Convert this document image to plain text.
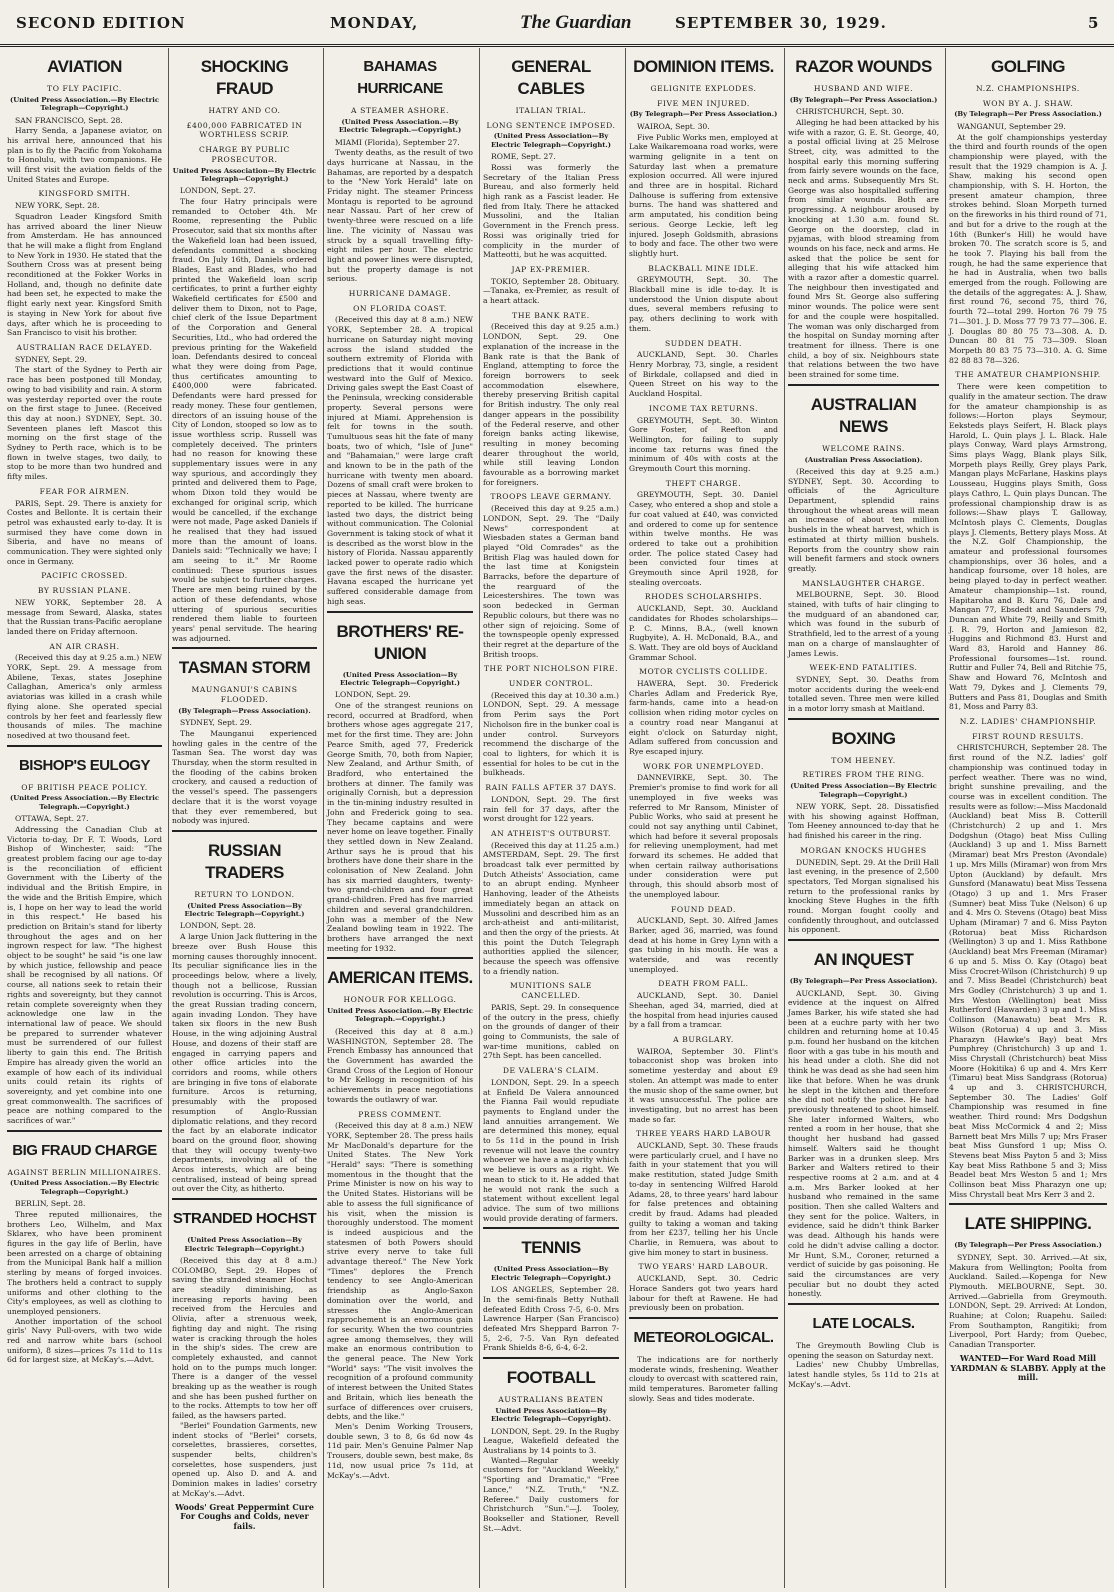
SECOND EDITION	MONDAY,	The Guardian	SEPTEMBER 30, 1929.	5
AVIATION
TO FLY PACIFIC.
(United Press Association.—By Electric Telegraph—Copyright.)
SAN FRANCISCO, Sept. 28.

Harry Senda, a Japanese aviator, on his arrival here, announced that his plan is to fly the Pacific from Yokohama to Honolulu, with two companions. He will first visit the aviation fields of the United States and Europe.

KINGSFORD SMITH.
NEW YORK, Sept. 28.

Squadron Leader Kingsford Smith has arrived aboard the liner Nieuw from Amsterdam. He has announced that he will make a flight from England to New York in 1930. He stated that the Southern Cross was at present being reconditioned at the Fokker Works in Holland, and, though no definite date had been set, he expected to make the flight early next year. Kingsford Smith is staying in New York for about five days, after which he is proceeding to San Francisco to visit his brother.

AUSTRALIAN RACE DELAYED.
SYDNEY, Sept. 29.

The start of the Sydney to Perth air race has been postponed till Monday, owing to bad visibility and rain. A storm was yesterday reported over the route on the first stage to Junee. (Received this day at noon.) SYDNEY, Sept. 30. Seventeen planes left Mascot this morning on the first stage of the Sydney to Perth race, which is to be flown in twelve stages, two daily, to stop to be more than two hundred and fifty miles.

FEAR FOR AIRMEN.

PARIS, Sept. 29. There is anxiety for Costes and Bellonte. It is certain their petrol was exhausted early to-day. It is surmised they have come down in Siberia, and have no means of communication. They were sighted only once in Germany.

PACIFIC CROSSED.
BY RUSSIAN PLANE.

NEW YORK, September 28. A message from Seward, Alaska, states that the Russian trans-Pacific aeroplane landed there on Friday afternoon.

AN AIR CRASH.

(Received this day at 9.25 a.m.) NEW YORK, Sept. 29. A message from Abilene, Texas, states Josephine Callaghan, America's only armless aviatorias was killed in a crash while flying alone. She operated special controls by her feet and fearlessly flew thousands of miles. The machine nosedived at two thousand feet.

BISHOP'S EULOGY
OF BRITISH PEACE POLICY.
(United Press Association.—By Electric Telegraph.—Copyright.)
OTTAWA, Sept. 27.

Addressing the Canadian Club at Victoria to-day, Dr F. T. Woods, Lord Bishop of Winchester, said: "The greatest problem facing our age to-day is the reconciliation of efficient Government with the Liberty of the individual and the British Empire, in the wide and the British Empire, which is, I hope on her way to lead the world in this respect." He based his prediction on Britain's stand for liberty throughout the ages and on her ingrown respect for law. "The highest object to be sought" he said "is one law by which justice, fellowship and peace shall be recognised by all nations. Of course, all nations seek to retain their rights and sovereignty, but they cannot retain complete sovereignty when they acknowledge one law in the international law of peace. We should be prepared to surrender whatever must be surrendered of our fullest liberty to gain this end. The British Empire has already given the world an example of how each of its individual units could retain its rights of sovereignty, and yet combine into one great commonwealth. The sacrifices of peace are nothing compared to the sacrifices of war."

BIG FRAUD CHARGE
AGAINST BERLIN MILLIONAIRES.
(United Press Association.—By Electric Telegraph—Copyright.)
BERLIN, Sept. 28.

Three reputed millionaires, the brothers Leo, Wilhelm, and Max Sklarex, who have been prominent figures in the gay life of Berlin, have been arrested on a charge of obtaining from the Municipal Bank half a million sterling by means of forged invoices. The brothers held a contract to supply uniforms and other clothing to the City's employees, as well as clothing to unemployed pensioners.

Another importation of the school girls' Navy Pull-overs, with two wide red and narrow white bars (school uniform), 8 sizes—prices 7s 11d to 11s 6d for largest size, at McKay's.—Advt.

SHOCKING FRAUD
HATRY AND CO.
£400,000 FABRICATED IN WORTHLESS SCRIP.
CHARGE BY PUBLIC PROSECUTOR.
United Press Association—By Electric Telegraph—Copyright.)
LONDON, Sept. 27.

The four Hatry principals were remanded to October 4th. Mr Roome, representing the Public Prosecutor, said that six months after the Wakefield loan had been issued, defendants committed a shocking fraud. On July 16th, Daniels ordered Blades, East and Blades, who had printed the Wakefield loan scrip certificates, to print a further eighty Wakefield certificates for £500 and deliver them to Dixon, not to Page, chief clerk of the Issue Department of the Corporation and General Securities, Ltd., who had ordered the previous printing for the Wakefield loan. Defendants desired to conceal what they were doing from Page, thus certificates amounting to £400,000 were fabricated. Defendants were hard pressed for ready money. These four gentlemen, directors of an issuing house of the City of London, stooped so low as to issue worthless scrip. Russell was completely deceived. The printers had no reason for knowing these supplementary issues were in any way spurious, and accordingly they printed and delivered them to Page, whom Dixon told they would be exchanged for original scrip, which would be cancelled, if the exchange were not made, Page asked Daniels if he realised that they had issued more than the amount of loans. Daniels said: "Technically we have; I am seeing to it." Mr Roome continued: These spurious issues would be subject to further charges. There are men being ruined by the action of these defendants, whose uttering of spurious securities rendered them liable to fourteen years' penal servitude. The hearing was adjourned.

TASMAN STORM
MAUNGANUI'S CABINS FLOODED.
(By Telegraph—Press Association).
SYDNEY, Sept. 29.

The Maunganui experienced howling gales in the centre of the Tasman Sea. The worst day was Thursday, when the storm resulted in the flooding of the cabins broken crockery, and caused a reduction of the vessel's speed. The passengers declare that it is the worst voyage that they ever remembered, but nobody was injured.

RUSSIAN TRADERS
RETURN TO LONDON.
(United Press Association—By Electric Telegraph—Copyright.)
LONDON, Sept. 28.

A large Union Jack fluttering in the breeze over Bush House this morning causes thoroughly innocent. Its peculiar significance lies in the proceedings below, where a lively, though not a bellicose, Russian revolution is occurring. This is Arcos, the great Russian trading concern, again invading London. They have taken six floors in the new Bush House, in the wing adjoining Austral House, and dozens of their staff are engaged in carrying papers and other office articles into the corridors and rooms, while others are bringing in five tons of elaborate furniture. Arcos is returning, presumably with the proposed resumption of Anglo-Russian diplomatic relations, and they record the fact by an elaborate indicator board on the ground floor, showing that they will occupy twenty-two departments, involving all of the Arcos interests, which are being centralised, instead of being spread out over the City, as hitherto.

STRANDED HOCHST
(United Press Association—By Electric Telegraph—Copyright.)

(Received this day at 8 a.m.) COLOMBO, Sept. 29. Hopes of saving the stranded steamer Hochst are steadily diminishing, as increasing reports having been received from the Hercules and Olivia, after a strenuous week, fighting day and night. The rising water is cracking through the holes in the ship's sides. The crew are completely exhausted, and cannot hold on to the pumps much longer. There is a danger of the vessel breaking up as the weather is rough and she has been pushed further on to the rocks. Attempts to tow her off failed, as the hawsers parted.

"Berlei" Foundation Garments, new indent stocks of "Berlei" corsets, corselettes, brassieres, corsettes, suspender belts, children's corselettes, hose suspenders, just opened up. Also D. and A. and Dominion makes in ladies' corsetry at McKay's.—Advt.

Woods' Great Peppermint Cure For Coughs and Colds, never fails.
BAHAMAS HURRICANE
A STEAMER ASHORE.
(United Press Association.—By Electric Telegraph.—Copyright.)
MIAMI (Florida), September 27.

Twenty deaths, as the result of two days hurricane at Nassau, in the Bahamas, are reported by a despatch to the "New York Herald" late on Friday night. The steamer Princess Montagu is reported to be aground near Nassau. Part of her crew of twenty-three were rescued on a life line. The vicinity of Nassau was struck by a squall travelling fifty-eight miles per hour. The electric light and power lines were disrupted, but the property damage is not serious.

HURRICANE DAMAGE.
ON FLORIDA COAST.

(Received this day at 8 a.m.) NEW YORK, September 28. A tropical hurricane on Saturday night moving across the island studded the southern extremity of Florida with predictions that it would continue westward into the Gulf of Mexico. Driving gales swept the East Coast of the Peninsula, wrecking considerable property. Several persons were injured at Miami. Apprehension is felt for towns in the south. Tumultuous seas hit the fate of many boats, two of which, "Isle of June" and "Bahamaian," were large craft and known to be in the path of the hurricane with twenty men aboard. Dozens of small craft were broken to pieces at Nassau, where twenty are reported to be killed. The hurricane lasted two days, the district being without communication. The Colonial Government is taking stock of what it is described as the worst blow in the history of Florida. Nassau apparently lacked power to operate radio which gave the first news of the disaster. Havana escaped the hurricane yet suffered considerable damage from high seas.

BROTHERS' RE-UNION
(United Press Association—By Electric Telegraph—Copyright.)
LONDON, Sept. 29.

One of the strangest reunions on record, occurred at Bradford, when brothers whose ages aggregate 217, met for the first time. They are: John Pearce Smith, aged 77, Frederick George Smith, 70, both from Napier, New Zealand, and Arthur Smith, of Bradford, who entertained the brothers at dinner. The family was originally Cornish, but a depression in the tin-mining industry resulted in John and Frederick going to sea. They became captains and were never home on leave together. Finally they settled down in New Zealand. Arthur says he is proud that his brothers have done their share in the colonisation of New Zealand. John has six married daughters, twenty-two grand-children and four great grand-children. Fred has five married children and several grandchildren. John was a member of the New Zealand bowling team in 1922. The brothers have arranged the next meeting for 1932.

AMERICAN ITEMS.
HONOUR FOR KELLOGG.
United Press Association.—By Electric Telegraph.—Copyright.)

(Received this day at 8 a.m.) WASHINGTON, September 28. The French Embassy has announced that the Government has awarded the Grand Cross of the Legion of Honour to Mr Kellogg in recognition of his achievements in peace negotiations towards the outlawry of war.

PRESS COMMENT.

(Received this day at 8 a.m.) NEW YORK, September 28. The press hails Mr MacDonald's departure for the United States. The New York "Herald" says: "There is something momentous in the thought that the Prime Minister is now on his way to the United States. Historians will be able to assess the full significance of his visit, when the mission is thoroughly understood. The moment is indeed auspicious and the statesmen of both Powers should strive every nerve to take full advantage thereof." The New York "Times" deplores the French tendency to see Anglo-American friendship as Anglo-Saxon domination over the world, and stresses the Anglo-American rapprochement is an enormous gain for security. When the two countries agree among themselves, they will make an enormous contribution to the general peace. The New York "World" says: "The visit involves the recognition of a profound community of interest between the United States and Britain, which lies beneath the surface of differences over cruisers, debts, and the like."

Men's Denim Working Trousers, double sewn, 3 to 8, 6s 6d now 4s 11d pair. Men's Genuine Palmer Nap Trousers, double sewn, best make, 8s 11d, now usual price 7s 11d, at McKay's.—Advt.

GENERAL CABLES
ITALIAN TRIAL.
LONG SENTENCE IMPOSED.
(United Press Association—By Electric Telegraph—Copyright.)
ROME, Sept. 27.

Rossi was formerly the Secretary of the Italian Press Bureau, and also formerly held high rank as a Fascist leader. He fled from Italy. There he attacked Mussolini, and the Italian Government in the French press. Rossi was originally tried for complicity in the murder of Matteotti, but he was acquitted.

JAP EX-PREMIER.

TOKIO, September 28. Obituary.—Tanaka, ex-Premier, as result of a heart attack.

THE BANK RATE.

(Received this day at 9.25 a.m.) LONDON, Sept. 29. One explanation of the increase in the Bank rate is that the Bank of England, attempting to force the foreign borrowers to seek accommodation elsewhere, thereby preserving British capital for British industry. The only real danger appears in the possibility of the Federal reserve, and other foreign banks acting likewise, resulting in money becoming dearer throughout the world, while still leaving London favourable as a borrowing market for foreigners.

TROOPS LEAVE GERMANY.

(Received this day at 9.25 a.m.) LONDON, Sept. 29. The "Daily News" correspondent at Wiesbaden states a German band played "Old Comrades" as the British Flag was hauled down for the last time at Konigstein Barracks, before the departure of the rearguard of the Leicestershires. The town was soon bedecked in German Republic colours, but there was no other sign of rejoicing. Some of the townspeople openly expressed their regret at the departure of the British troops.

THE PORT NICHOLSON FIRE.
UNDER CONTROL.

(Received this day at 10.30 a.m.) LONDON, Sept. 29. A message from Perim says the Port Nicholson fire in the bunker coal is under control. Surveyors recommend the discharge of the coal to lighters, for which it is essential for holes to be cut in the bulkheads.

RAIN FALLS AFTER 37 DAYS.

LONDON, Sept. 29. The first rain fell for 37 days, after the worst drought for 122 years.

AN ATHEIST'S OUTBURST.

(Received this day at 11.25 a.m.) AMSTERDAM, Sept. 29. The first broadcast talk ever permitted by Dutch Atheists' Association, came to an abrupt ending. Mynheer Hanhoving, leader of the Atheists immediately began an attack on Mussolini and described him as an arch-atheist and anti-militarist, and then the orgy of the priests. At this point the Dutch Telegraph authorities applied the silencer, because the speech was offensive to a friendly nation.

MUNITIONS SALE CANCELLED.

PARIS, Sept. 29. In consequence of the outcry in the press, chiefly on the grounds of danger of their going to Communists, the sale of war-time munitions, cabled on 27th Sept. has been cancelled.

DE VALERA'S CLAIM.

LONDON, Sept. 29. In a speech at Enfield De Valera announced the Fianna Fail would repudiate payments to England under the land annuities arrangement. We are determined this money, equal to 5s 11d in the pound in Irish revenue will not leave the country whoever we have a majority which we believe is ours as a right. We mean to stick to it. He added that he would not rank the such a statement without excellent legal advice. The sum of two millions would provide derating of farmers.

TENNIS
(United Press Association—By Electric Telegraph—Copyright.)

LOS ANGELES, September 28. In the semi-finals Betty Nuthall defeated Edith Cross 7-5, 6-0. Mrs Lawrence Harper (San Francisco) defeated Mrs Sheppard Barron 7-5, 2-6, 7-5. Van Ryn defeated Frank Shields 8-6, 6-4, 6-2.

FOOTBALL
AUSTRALIANS BEATEN
United Press Association—By Electric Telegraph—Copyright).

LONDON, Sept. 29. In the Rugby League, Wakefield defeated the Australians by 14 points to 3.

Wanted—Regular weekly customers for "Auckland Weekly," "Sporting and Dramatic," "Free Lance," "N.Z. Truth," "N.Z. Referee." Daily customers for Christchurch "Sun."—J. Tooley, Bookseller and Stationer, Revell St.—Advt.

DOMINION ITEMS.
GELIGNITE EXPLODES.
FIVE MEN INJURED.
(By Telegraph—Per Press Association.)
WAIROA, Sept. 30.

Five Public Works men, employed at Lake Waikaremoana road works, were warming gelignite in a tent on Saturday last when a premature explosion occurred. All were injured and three are in hospital. Richard Dalhouse is suffering from extensive burns. The hand was shattered and arm amputated, his condition being serious. George Leckie, left leg injured. Joseph Goldsmith, abrasions to body and face. The other two were slightly hurt.

BLACKBALL MINE IDLE.

GREYMOUTH, Sept. 30. The Blackball mine is idle to-day. It is understood the Union dispute about dues, several members refusing to pay, others declining to work with them.

SUDDEN DEATH.

AUCKLAND, Sept. 30. Charles Henry Morbray, 73, single, a resident of Birkdale, collapsed and died in Queen Street on his way to the Auckland Hospital.

INCOME TAX RETURNS.

GREYMOUTH, Sept. 30. Winton Gore Foster, of Reefton and Wellington, for failing to supply income tax returns was fined the minimum of 40s with costs at the Greymouth Court this morning.

THEFT CHARGE.

GREYMOUTH, Sept. 30. Daniel Casey, who entered a shop and stole a fur coat valued at £40, was convicted and ordered to come up for sentence within twelve months. He was ordered to take out a prohibition order. The police stated Casey had been convicted four times at Greymouth since April 1928, for stealing overcoats.

RHODES SCHOLARSHIPS.

AUCKLAND, Sept. 30. Auckland candidates for Rhodes scholarships—P. C. Minns, B.A., (well known Rugbyite), A. H. McDonald, B.A., and S. Watt. They are old boys of Auckland Grammar School.

MOTOR CYCLISTS COLLIDE.

HAWERA, Sept. 30. Frederick Charles Adlam and Frederick Rye, farm-hands, came into a head-on collision when riding motor cycles on a country road near Manganui at eight o'clock on Saturday night, Adlam suffered from concussion and Rye escaped injury.

WORK FOR UNEMPLOYED.

DANNEVIRKE, Sept. 30. The Premier's promise to find work for all unemployed in five weeks was referred to Mr Ransom, Minister of Public Works, who said at present he could not say anything until Cabinet, which had before it several proposals for relieving unemployment, had met forward its schemes. He added that when certain railway authorisations under consideration were put through, this should absorb most of the unemployed labour.

FOUND DEAD.

AUCKLAND, Sept. 30. Alfred James Barker, aged 36, married, was found dead at his home in Grey Lynn with a gas tubing in his mouth. He was a waterside, and was recently unemployed.

DEATH FROM FALL.

AUCKLAND, Sept. 30. Daniel Sheehan, aged 34, married, died at the hospital from head injuries caused by a fall from a tramcar.

A BURGLARY.

WAIROA, September 30. Flint's tobacconist shop was broken into sometime yesterday and about £9 stolen. An attempt was made to enter the music shop of the same owner, but it was unsuccessful. The police are investigating, but no arrest has been made so far.

THREE YEARS HARD LABOUR

AUCKLAND, Sept. 30. These frauds were particularly cruel, and I have no faith in your statement that you will make restitution, stated Judge Smith to-day in sentencing Wilfred Harold Adams, 28, to three years' hard labour for false pretences and obtaining credit by fraud. Adams had pleaded guilty to taking a woman and taking from her £237, telling her his Uncle Charlie, in Remuera, was about to give him money to start in business.

TWO YEARS' HARD LABOUR.

AUCKLAND, Sept. 30. Cedric Horace Sanders got two years hard labour for theft at Rawene. He had previously been on probation.

METEOROLOGICAL.

The indications are for northerly moderate winds, freshening. Weather cloudy to overcast with scattered rain, mild temperatures. Barometer falling slowly. Seas and tides moderate.

RAZOR WOUNDS
HUSBAND AND WIFE.
(By Telegraph—Per Press Association.)
CHRISTCHURCH, Sept. 30.

Alleging he had been attacked by his wife with a razor, G. E. St. George, 40, a postal official living at 25 Melrose Street, city, was admitted to the hospital early this morning suffering from fairly severe wounds on the face, neck and arms. Subsequently Mrs St. George was also hospitalled suffering from similar wounds. Both are progressing. A neighbour aroused by knocking at 1.30 a.m. found St. George on the doorstep, clad in pyjamas, with blood streaming from wounds on his face, neck and arms. He asked that the police be sent for alleging that his wife attacked him with a razor after a domestic quarrel. The neighbour then investigated and found Mrs St. George also suffering minor wounds. The police were sent for and the couple were hospitalled. The woman was only discharged from the hospital on Sunday morning after treatment for illness. There is one child, a boy of six. Neighbours state that relations between the two have been strained for some time.

AUSTRALIAN NEWS
WELCOME RAINS.
(Australian Press Association).

(Received this day at 9.25 a.m.) SYDNEY, Sept. 30. According to officials of the Agriculture Department, splendid rains throughout the wheat areas will mean an increase of about ten million bushels in the wheat harvest, which is estimated at thirty million bushels. Reports from the country show rain will benefit farmers and stock owners greatly.

MANSLAUGHTER CHARGE.

MELBOURNE, Sept. 30. Blood stained, with tufts of hair clinging to the mudguard of an abandoned car, which was found in the suburb of Strathfield, led to the arrest of a young man on a charge of manslaughter of James Lewis.

WEEK-END FATALITIES.

SYDNEY, Sept. 30. Deaths from motor accidents during the week-end totalled seven. Three men were killed in a motor lorry smash at Maitland.

BOXING
TOM HEENEY.
RETIRES FROM THE RING.
(United Press Association—By Electric Telegraph—Copyright.)

NEW YORK, Sept. 28. Dissatisfied with his showing against Hoffman, Tom Heeney announced to-day that he had finished his career in the ring.

MORGAN KNOCKS HUGHES

DUNEDIN, Sept. 29. At the Drill Hall last evening, in the presence of 2,500 spectators, Ted Morgan signalised his return to the professional ranks by knocking Steve Hughes in the fifth round. Morgan fought coolly and confidently throughout, and outclassed his opponent.

AN INQUEST
(By Telegraph—Per Press Association).

AUCKLAND, Sept. 30. Giving evidence at the inquest on Alfred James Barker, his wife stated she had been at a euchre party with her two children and returning home at 10.45 p.m. found her husband on the kitchen floor with a gas tube in his mouth and his head under a cloth. She did not think he was dead as she had seen him like that before. When he was drunk he slept in the kitchen and therefore she did not notify the police. He had previously threatened to shoot himself. She later informed Walters, who rented a room in her house, that she thought her husband had gassed himself. Walters said he thought Barker was in a drunken sleep. Mrs Barker and Walters retired to their respective rooms at 2 a.m. and at 4 a.m. Mrs Barker looked at her husband who remained in the same position. Then she called Walters and they sent for the police. Walters, in evidence, said he didn't think Barker was dead. Although his hands were cold he didn't advise calling a doctor. Mr Hunt, S.M., Coroner, returned a verdict of suicide by gas poisoning. He said the circumstances are very peculiar but no doubt they acted honestly.

LATE LOCALS.

The Greymouth Bowling Club is opening the season on Saturday next.

Ladies' new Chubby Umbrellas, latest handle styles, 5s 11d to 21s at McKay's.—Advt.

GOLFING
N.Z. CHAMPIONSHIPS.
WON BY A. J. SHAW.
(By Telegraph—Per Press Association.)
WANGANUI, September 29.

At the golf championships yesterday the third and fourth rounds of the open championship were played, with the result that the 1929 champion is A. J. Shaw, making his second open championship, with S. H. Horton, the present amateur champion, three strokes behind. Sloan Morpeth turned on the fireworks in his third round of 71, and but for a drive to the rough at the 16th (Bunker's Hill) he would have broken 70. The scratch score is 5, and he took 7. Playing his ball from the rough, he had the same experience that he had in Australia, when two balls emerged from the rough. Following are the details of the aggregates: A. J. Shaw, first round 76, second 75, third 76, fourth 72—total 299. Horton 76 79 75 71—301. J. D. Moss 77 79 73 77—306. E. J. Douglas 80 80 75 73—308. A. D. Duncan 80 81 75 73—309. Sloan Morpeth 80 83 75 73—310. A. G. Sime 82 88 83 78—326.

THE AMATEUR CHAMPIONSHIP.

There were keen competition to qualify in the amateur section. The draw for the amateur championship is as follows:—Horton plays Seymour, Eeksteds plays Seifert, H. Black plays Harold, L. Quin plays J. L. Black. Hale plays Conway, Ward plays Armstrong, Sims plays Wagg, Blank plays Silk, Morpeth plays Reilly, Grey plays Park, Mangan plays McFarlane, Haskins plays Lousseau, Huggins plays Smith, Goss plays Cathro, L. Quin plays Duncan. The professional championship draw is as follows:—Shaw plays T. Galloway, McIntosh plays C. Clements, Douglas plays J. Clements, Bettery plays Moss. At the N.Z. Golf Championship, the amateur and professional foursomes championships, over 36 holes, and a handicap foursome, over 18 holes, are being played to-day in perfect weather. Amateur championship—1st. round, Hapitaroha and B. Kuru 76, Dale and Mangan 77, Ebsdedt and Saunders 79, Duncan and White 79, Reilly and Smith J. R. 79, Horton and Jamieson 82, Huggins and Richmond 83. Hurst and Ward 83, Harold and Hanney 86. Professional foursomes—1st. round. Ruttir and Fuller 74, Bell and Ritchie 75, Shaw and Howard 76, McIntosh and Watt 79, Dykes and J. Clements 79, Butters and Pass 81, Douglas and Smith 81, Moss and Parry 83.

N.Z. LADIES' CHAMPIONSHIP.
FIRST ROUND RESULTS.

CHRISTCHURCH, September 28. The first round of the N.Z. ladies' golf championship was continued today in perfect weather. There was no wind, bright sunshine prevailing, and the course was in excellent condition. The results were as follow:—Miss Macdonald (Auckland) beat Miss B. Cotterill (Christchurch) 2 up and 1. Mrs Dodgshun (Otago) beat Miss Culling (Auckland) 3 up and 1. Miss Barnett (Miramar) beat Mrs Preston (Avondale) 1 up. Mrs Mills (Miramar) won from Mrs Upton (Auckland) by default. Mrs Gunsford (Manawatu) beat Miss Tessena (Otago) 3 up and 1. Mrs Fraser (Sumner) beat Miss Tuke (Nelson) 6 up and 4. Mrs O. Stevens (Otago) beat Miss Upham (Miramar) 7 and 6. Miss Payton (Rotorua) beat Miss Richardson (Wellington) 3 up and 1. Miss Rathbone (Auckland) beat Mrs Freeman (Miramar) 6 up and 5. Miss O. Kay (Otago) beat Miss Crocret-Wilson (Christchurch) 9 up and 7. Miss Beadel (Christchurch) beat Mrs Godley (Christchurch) 3 up and 1. Mrs Weston (Wellington) beat Miss Rutherford (Hawarden) 3 up and 1. Miss Collinson (Manawatu) beat Mrs R. Wilson (Rotorua) 4 up and 3. Miss Pharazyn (Hawke's Bay) beat Mrs Pumphrey (Christchurch) 3 up and 1. Miss Chrystall (Christchurch) beat Miss Moore (Hokitika) 6 up and 4. Mrs Kerr (Timaru) beat Miss Sandgrass (Rotorua) 4 up and 3. CHRISTCHURCH, September 30. The Ladies' Golf Championship was resumed in fine weather. Third round: Mrs Dodgshun beat Miss McCormick 4 and 2; Miss Barnett beat Mrs Mills 7 up; Mrs Fraser beat Miss Gunsford 1 up; Miss O. Stevens beat Miss Payton 5 and 3; Miss Kay beat Miss Rathbone 5 and 3; Miss Beadel beat Mrs Weston 5 and 1; Mrs Collinson beat Miss Pharazyn one up; Miss Chrystall beat Mrs Kerr 3 and 2.

LATE SHIPPING.
(By Telegraph—Per Press Association.)

SYDNEY, Sept. 30. Arrived.—At six, Makura from Wellington; Poolta from Auckland. Sailed.—Kopenga for New Plymouth. MELBOURNE, Sept. 30. Arrived.—Gabriella from Greymouth. LONDON, Sept. 29. Arrived: At London, Ruahine; at Colon; Ruapehu. Sailed: From Southampton, Rangitiki; from Liverpool, Port Hardy; from Quebec, Canadian Transporter.

WANTED—For Ward Road Mill YARDMAN & SLABBY. Apply at the mill.
